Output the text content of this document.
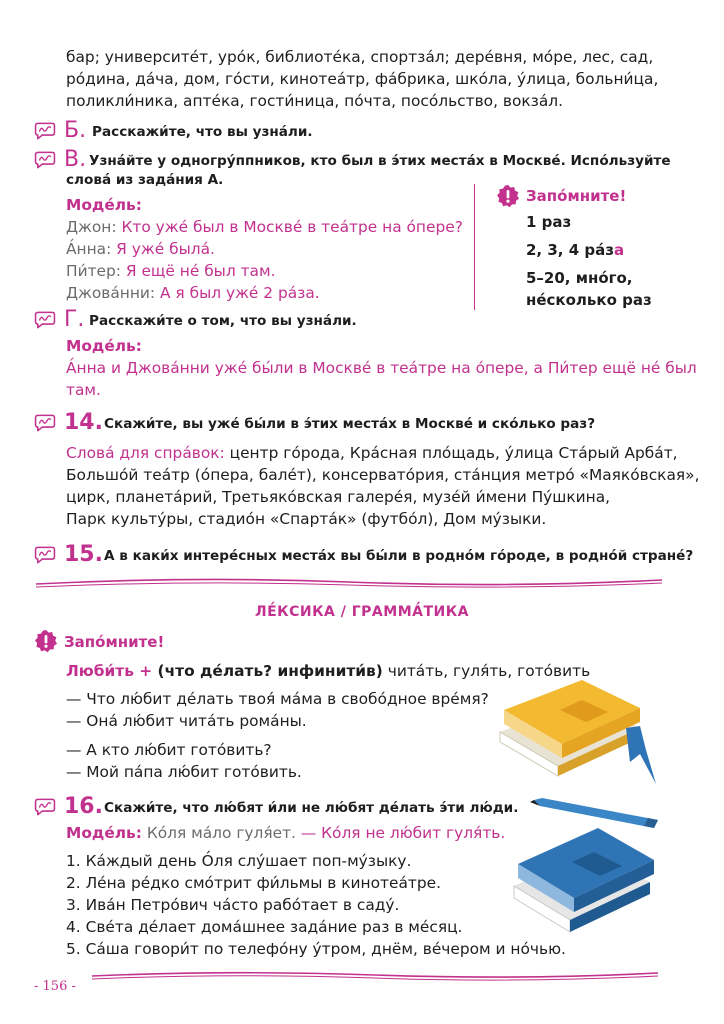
бар; университе́т, уро́к, библиоте́ка, спортза́л; дере́вня, мо́ре, лес, сад,
ро́дина, да́ча, дом, го́сти, кинотеа́тр, фа́брика, шко́ла, у́лица, больни́ца,
поликли́ника, апте́ка, гости́ница, по́чта, посо́льство, вокза́л.
Б. Расскажи́те, что вы узна́ли.
В. Узна́йте у одногру́ппников, кто был в э́тих места́х в Москве́. Испо́льзуйте
слова́ из зада́ния А.
Моде́ль:
Джон: Кто уже́ был в Москве́ в теа́тре на о́пере?
А́нна: Я уже́ была́.
Пи́тер: Я ещё не́ был там.
Джова́нни: А я был уже́ 2 ра́за.
Запо́мните!
1 раз
2, 3, 4 ра́за
5–20, мно́го,
не́сколько раз
Г. Расскажи́те о том, что вы узна́ли.
Моде́ль:
А́нна и Джова́нни уже́ бы́ли в Москве́ в теа́тре на о́пере, а Пи́тер ещё не́ был
там.
14. Скажи́те, вы уже́ бы́ли в э́тих места́х в Москве́ и ско́лько раз?
Слова́ для спра́вок: центр го́рода, Кра́сная пло́щадь, у́лица Ста́рый Арба́т,
Большо́й теа́тр (о́пера, бале́т), консервато́рия, ста́нция метро́ «Маяко́вская»,
цирк, планета́рий, Третьяко́вская галере́я, музе́й и́мени Пу́шкина,
Парк культу́ры, стадио́н «Спарта́к» (футбо́л), Дом му́зыки.
15. А в каки́х интере́сных места́х вы бы́ли в родно́м го́роде, в родно́й стране́?
ЛЕ́КСИКА / ГРАММА́ТИКА
Запо́мните!
Люби́ть + (что де́лать? инфинити́в) чита́ть, гуля́ть, гото́вить
— Что лю́бит де́лать твоя́ ма́ма в свобо́дное вре́мя?
— Она́ лю́бит чита́ть рома́ны.
— А кто лю́бит гото́вить?
— Мой па́па лю́бит гото́вить.
16. Скажи́те, что лю́бят и́ли не лю́бят де́лать э́ти лю́ди.
Моде́ль: Ко́ля ма́ло гуля́ет. — Ко́ля не лю́бит гуля́ть.
1. Ка́ждый день О́ля слу́шает поп-му́зыку.
2. Ле́на ре́дко смо́трит фи́льмы в кинотеа́тре.
3. Ива́н Петро́вич ча́сто рабо́тает в саду́.
4. Све́та де́лает дома́шнее зада́ние раз в ме́сяц.
5. Са́ша говори́т по телефо́ну у́тром, днём, ве́чером и но́чью.
- 156 -
